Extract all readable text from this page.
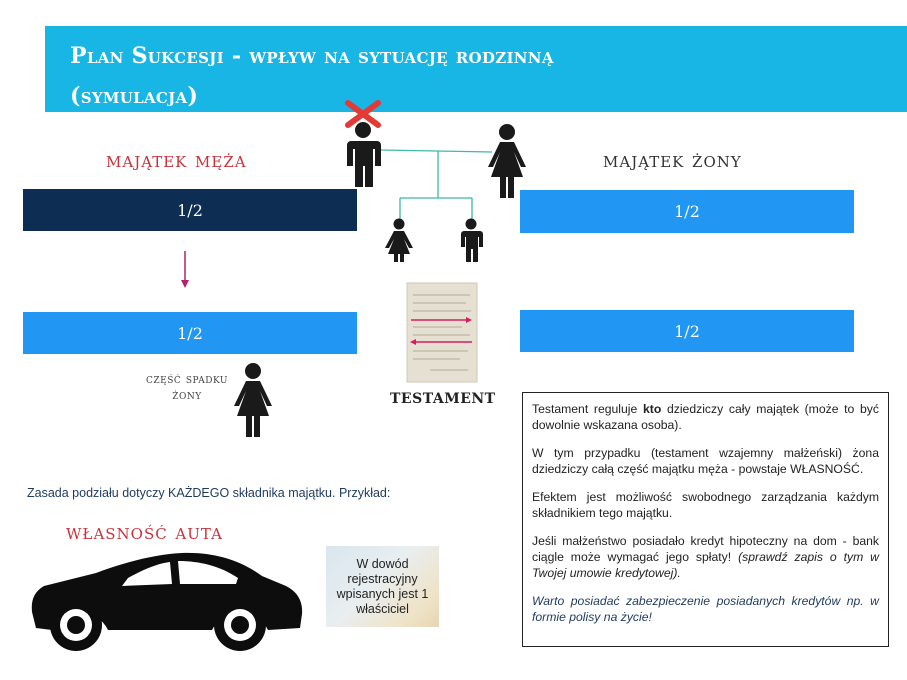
Plan Sukcesji - wpływ na sytuację rodzinną
(symulacja)
majątek męża	majątek żony
1/2	1/2
1/2	1/2
część spadku
żony	TESTAMENT
Zasada podziału dotyczy KAŻDEGO składnika majątku. Przykład:
własność auta
W dowód rejestracyjny wpisanych jest 1 właściciel

Testament reguluje kto dziedziczy cały majątek (może to być dowolnie wskazana osoba).

W tym przypadku (testament wzajemny małżeński) żona dziedziczy całą część majątku męża - powstaje WŁASNOŚĆ.

Efektem jest możliwość swobodnego zarządzania każdym składnikiem tego majątku.

Jeśli małżeństwo posiadało kredyt hipoteczny na dom - bank ciągle może wymagać jego spłaty! (sprawdź zapis o tym w Twojej umowie kredytowej).

Warto posiadać zabezpieczenie posiadanych kredytów np. w formie polisy na życie!
